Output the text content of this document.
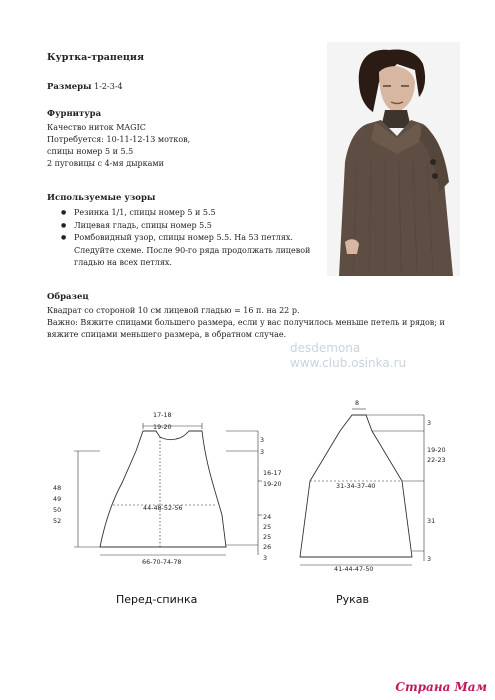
Куртка-трапеция
Размеры 1-2-3-4
Фурнитура
Качество ниток MAGIC
Потребуется: 10-11-12-13 мотков,
спицы номер 5 и 5.5
2 пуговицы с 4-мя дырками
Используемые узоры
● Резинка 1/1, спицы номер 5 и 5.5
● Лицевая гладь, спицы номер 5.5
● Ромбовидный узор, спицы номер 5.5. На 53 петлях.
Следуйте схеме. После 90-го ряда продолжать лицевой
гладью на всех петлях.
Образец
Квадрат со стороной 10 см лицевой гладью = 16 п. на 22 р.
Важно: Вяжите спицами большего размера, если у вас получилось меньше петель и рядов; и
вяжите спицами меньшего размера, в обратном случае.
desdemona
www.club.osinka.ru
17-18
19-20
3
3
16-17
19-20
24
25
25
26
3
48
49
50
52
44-48-52-56
66-70-74-78
Перед-спинка
8
3
19-20
22-23
31
3
31-34-37-40
41-44-47-50
Рукав
Страна Мам
